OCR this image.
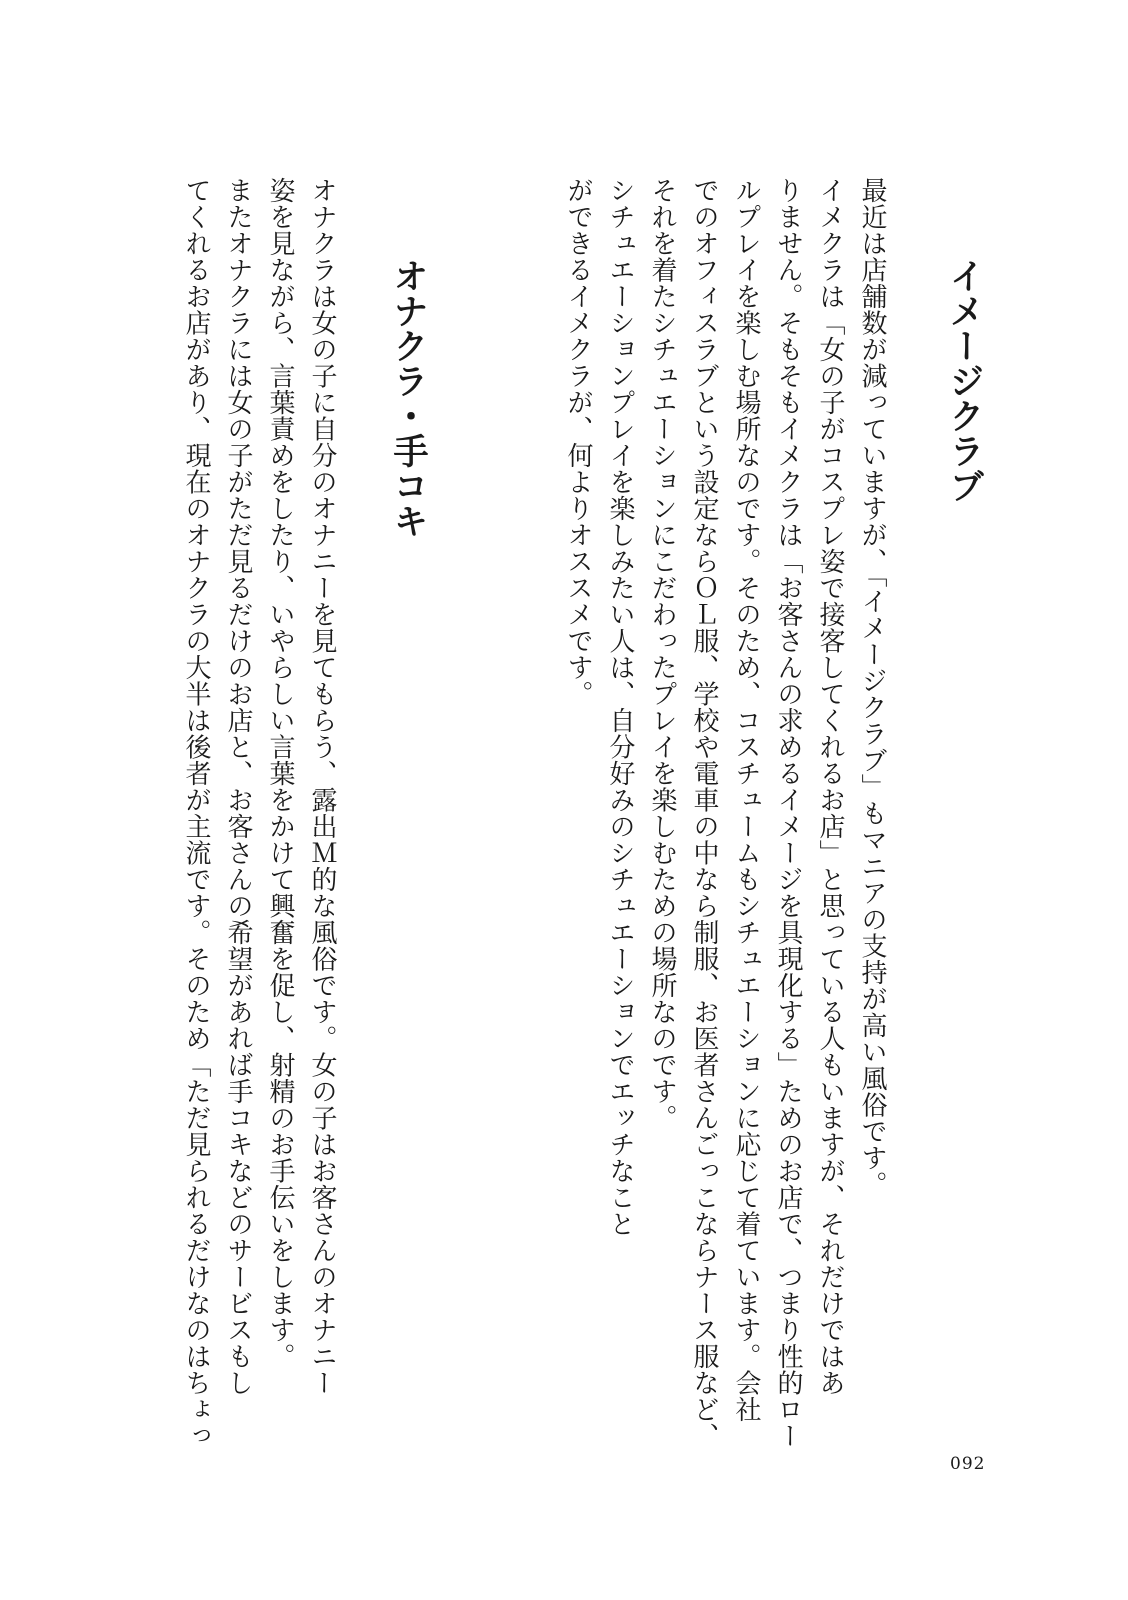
イメージクラブ
最近は店舗数が減っていますが、「イメージクラブ」もマニアの支持が高い風俗です。
イメクラは「女の子がコスプレ姿で接客してくれるお店」と思っている人もいますが、それだけではあ
りません。そもそもイメクラは「お客さんの求めるイメージを具現化する」ためのお店で、つまり性的ロー
ルプレイを楽しむ場所なのです。そのため、コスチュームもシチュエーションに応じて着ています。会社
でのオフィスラブという設定ならＯＬ服、学校や電車の中なら制服、お医者さんごっこならナース服など、
それを着たシチュエーションにこだわったプレイを楽しむための場所なのです。
シチュエーションプレイを楽しみたい人は、自分好みのシチュエーションでエッチなこと
ができるイメクラが、何よりオススメです。
オナクラ・手コキ
オナクラは女の子に自分のオナニーを見てもらう、露出Ｍ的な風俗です。女の子はお客さんのオナニー
姿を見ながら、言葉責めをしたり、いやらしい言葉をかけて興奮を促し、射精のお手伝いをします。
またオナクラには女の子がただ見るだけのお店と、お客さんの希望があれば手コキなどのサービスもし
てくれるお店があり、現在のオナクラの大半は後者が主流です。そのため「ただ見られるだけなのはちょっ
092
